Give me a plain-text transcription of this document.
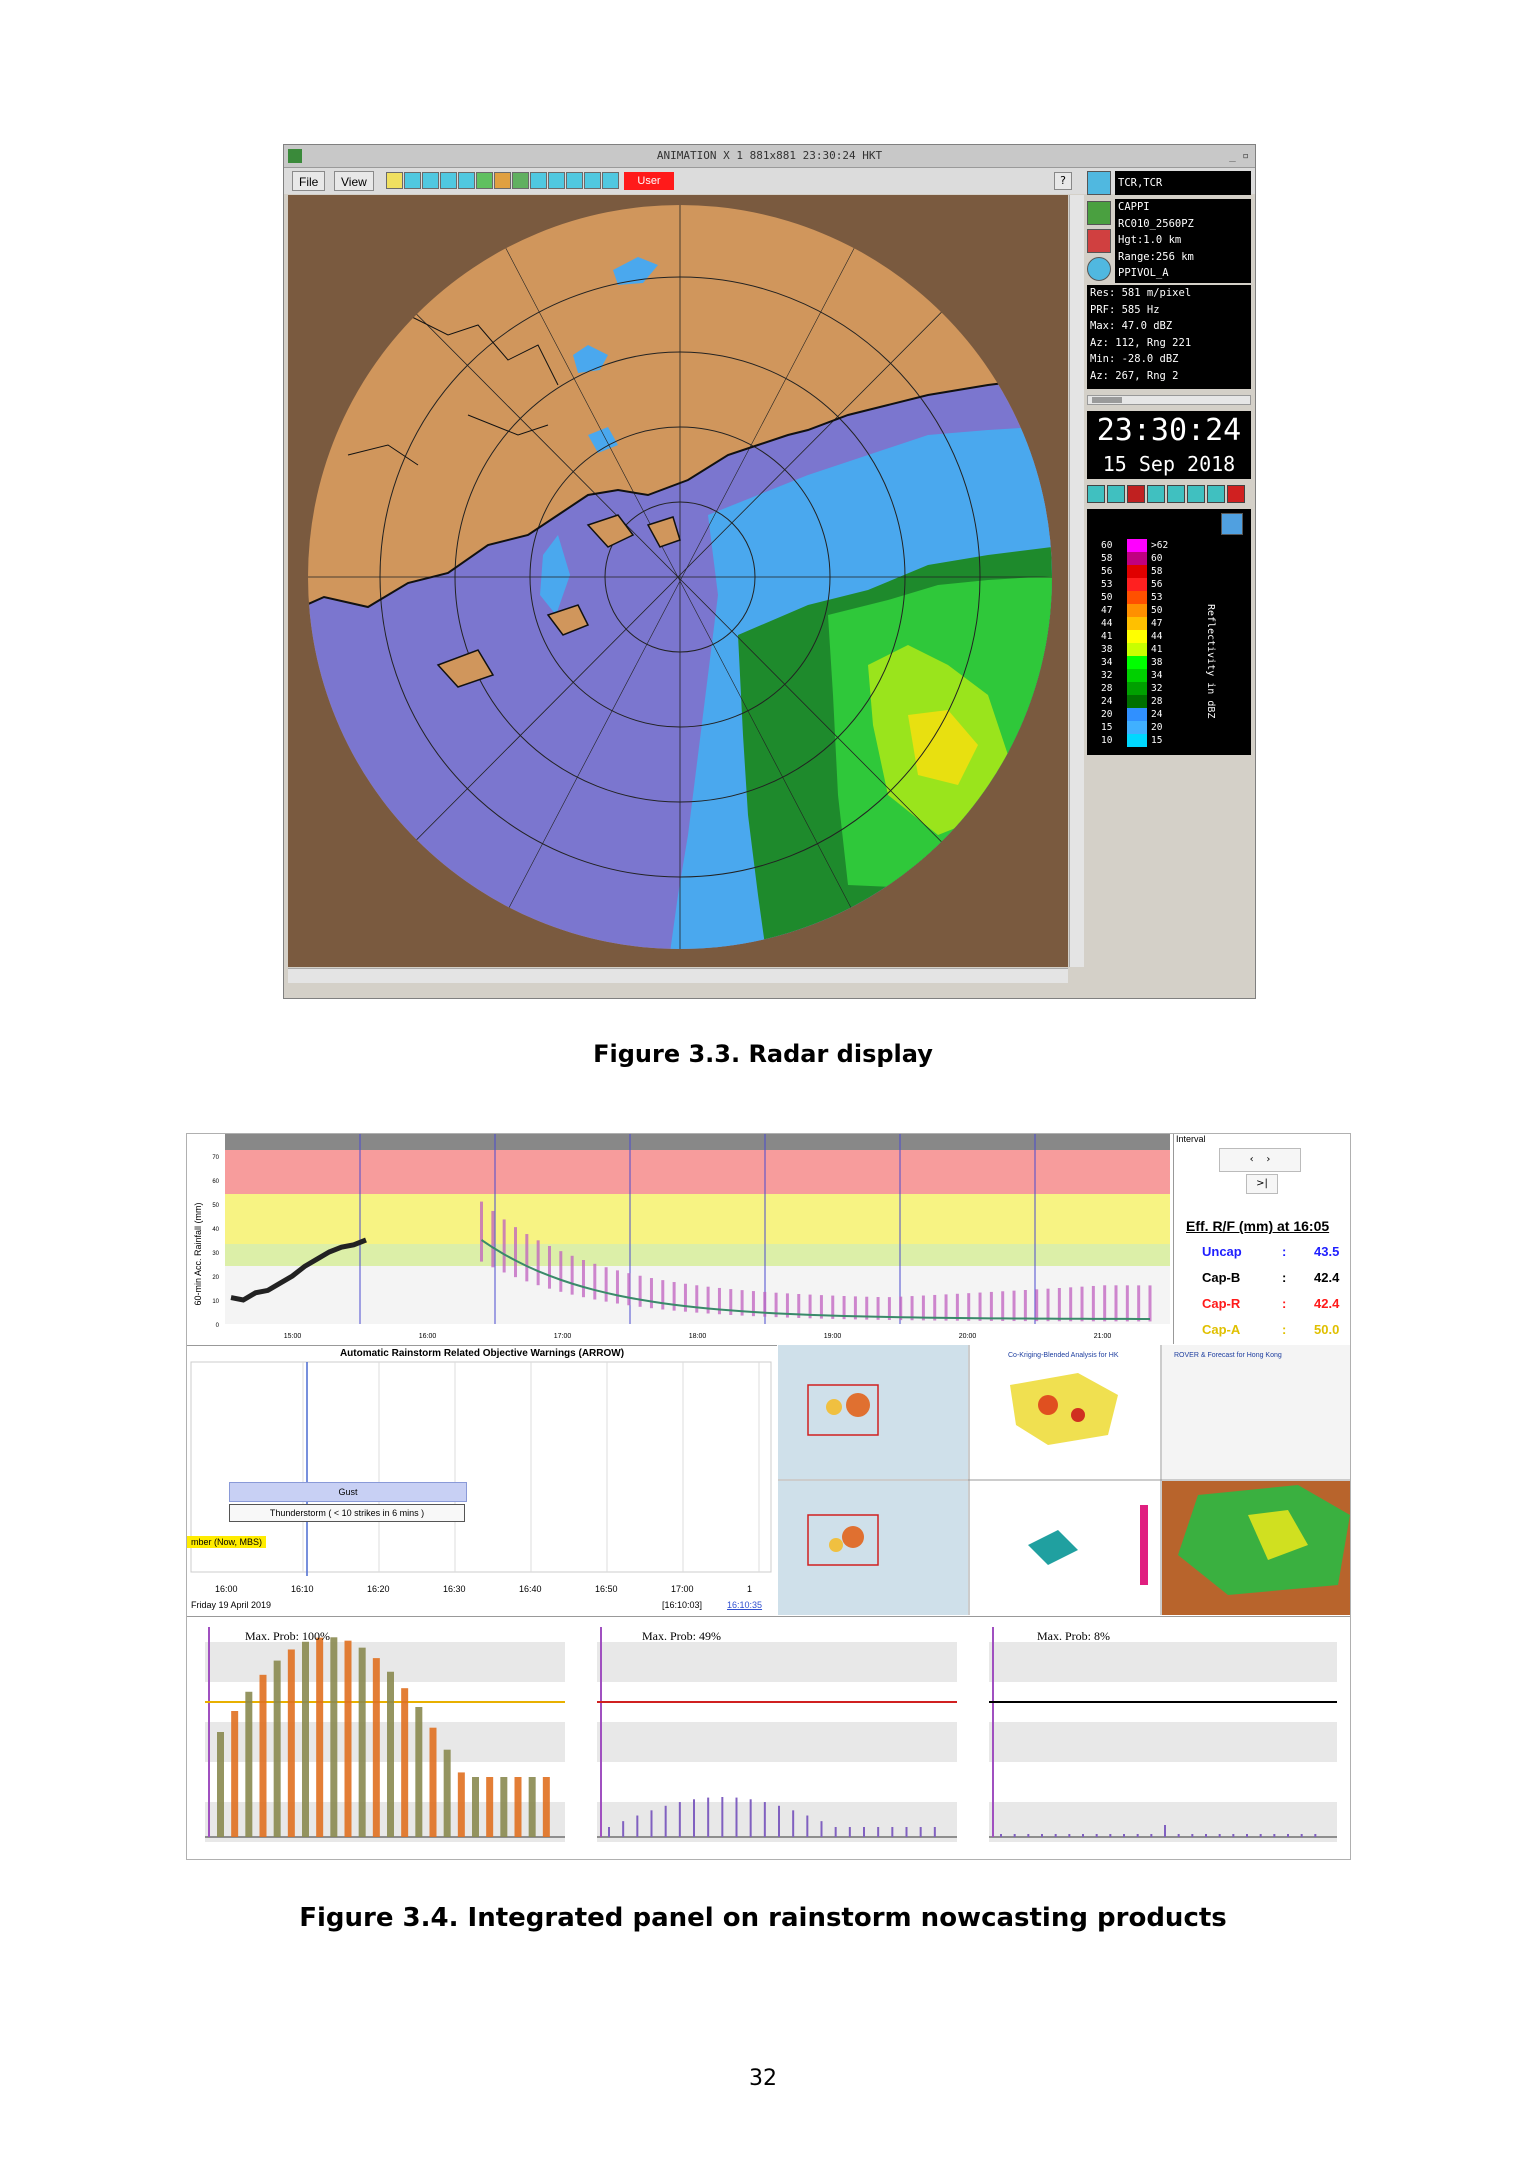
ANIMATION X 1 881x881 23:30:24 HKT	_ ▫
File	View	User	?	TCR,TCR
CAPPI
RC010_2560PZ
Hgt:1.0 km
Range:256 km
PPIVOL_A
Res: 581 m/pixel
PRF: 585 Hz
Max: 47.0 dBZ
Az: 112, Rng 221
Min: -28.0 dBZ
Az: 267, Rng 2
23:30:24
15 Sep 2018
60	>62
58	60
56	58
53	56
50	53
47	50
44	47
41	44
38	41
34	38
32	34
28	32
24	28
20	24
15	20
10	15
Reflectivity in dBZ
Figure 3.3. Radar display
60-min Acc. Rainfall (mm)
70
60
50
40
30
20
10
0
15:00	16:00	17:00	18:00	19:00	20:00	21:00
Interval
‹    ›
>|
Eff. R/F (mm) at 16:05
Uncap	: 43.5
Cap-B	: 42.4
Cap-R	: 42.4
Cap-A	: 50.0
Automatic Rainstorm Related Objective Warnings (ARROW)
Gust
Thunderstorm ( < 10 strikes in 6 mins )
mber (Now, MBS)
16:00	16:10	16:20	16:30	16:40	16:50	17:00	1
Friday 19 April 2019	[16:10:03]	16:10:35
Co-Kriging-Blended Analysis for HK	ROVER & Forecast for Hong Kong
Max. Prob: 100%	Max. Prob: 49%	Max. Prob: 8%
Figure 3.4. Integrated panel on rainstorm nowcasting products
32
